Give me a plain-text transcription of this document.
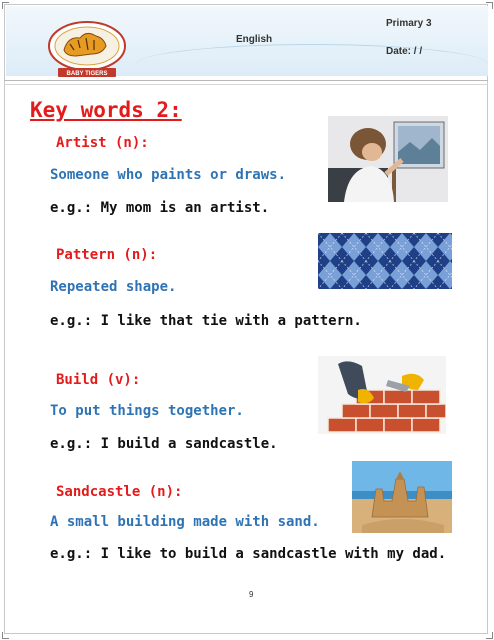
BABY TIGERS
English
Primary 3
Date: / /
Key words 2:
Artist (n):
Someone who paints or draws.
e.g.: My mom is an artist.
Pattern (n):
Repeated shape.
e.g.: I like that tie with a pattern.
Build (v):
To put things together.
e.g.: I build a sandcastle.
Sandcastle (n):
A small building made with sand.
e.g.: I like to build a sandcastle with my dad.
9
